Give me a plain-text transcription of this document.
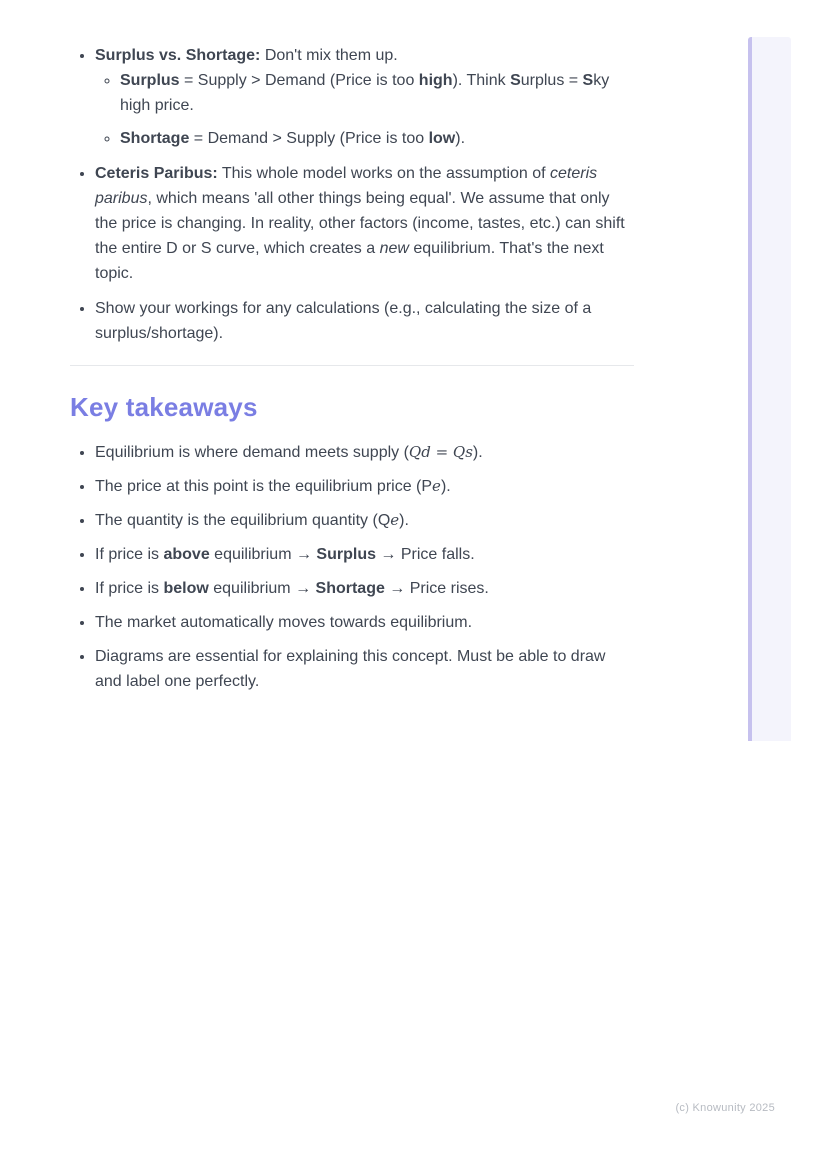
• Surplus vs. Shortage: Don't mix them up.
◦ Surplus = Supply > Demand (Price is too high). Think Surplus = Sky high price.
◦ Shortage = Demand > Supply (Price is too low).
• Ceteris Paribus: This whole model works on the assumption of ceteris paribus, which means 'all other things being equal'. We assume that only the price is changing. In reality, other factors (income, tastes, etc.) can shift the entire D or S curve, which creates a new equilibrium. That's the next topic.
• Show your workings for any calculations (e.g., calculating the size of a surplus/shortage).
Key takeaways
• Equilibrium is where demand meets supply (Qd = Qs).
• The price at this point is the equilibrium price (Pe).
• The quantity is the equilibrium quantity (Qe).
• If price is above equilibrium → Surplus → Price falls.
• If price is below equilibrium → Shortage → Price rises.
• The market automatically moves towards equilibrium.
• Diagrams are essential for explaining this concept. Must be able to draw and label one perfectly.
(c) Knowunity 2025
